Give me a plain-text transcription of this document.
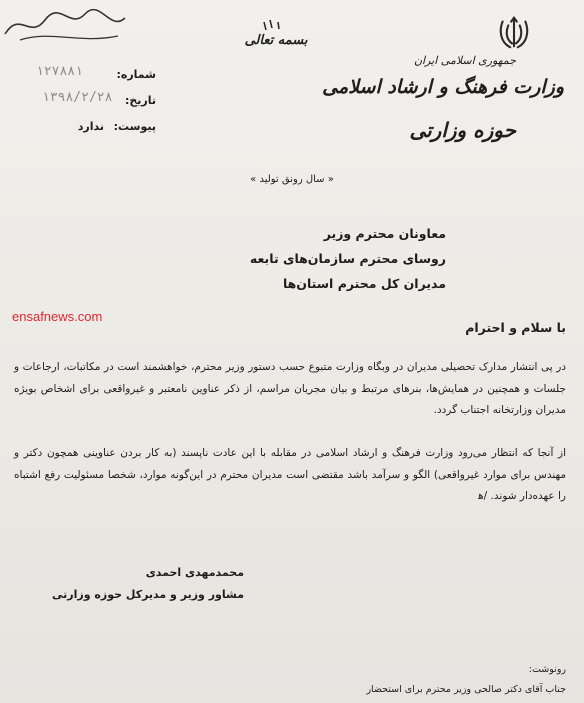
جمهوری اسلامی ایران
وزارت فرهنگ و ارشاد اسلامی
حوزه وزارتی
بسمه تعالی
شماره:
۱۲۷۸۸۱
تاریخ:
۱۳۹۸/۲/۲۸
پیوست:
ندارد
« سال رونق تولید »
معاونان محترم وزیر
روسای محترم سازمان‌های تابعه
مدیران کل محترم استان‌ها
ensafnews.com
با سلام و احترام
در پی انتشار مدارک تحصیلی مدیران در وبگاه وزارت متبوع حسب دستور وزیر محترم، خواهشمند است در مکاتبات، ارجاعات و جلسات و همچنین در همایش‌ها، بنرهای مرتبط و بیان مجریان مراسم، از ذکر عناوین نامعتبر و غیرواقعی برای اشخاص بویژه مدیران وزارتخانه اجتناب گردد.
از آنجا که انتظار می‌رود وزارت فرهنگ و ارشاد اسلامی در مقابله با این عادت ناپسند (به کار بردن عناوینی همچون دکتر و مهندس برای موارد غیرواقعی) الگو و سرآمد باشد مقتضی است مدیران محترم در این‌گونه موارد، شخصا مسئولیت رفع اشتباه را عهده‌دار شوند. /ﻫ
محمدمهدی احمدی
مشاور وزیر و مدیرکل حوزه وزارتی
رونوشت:
جناب آقای دکتر صالحی وزیر محترم برای استحضار
